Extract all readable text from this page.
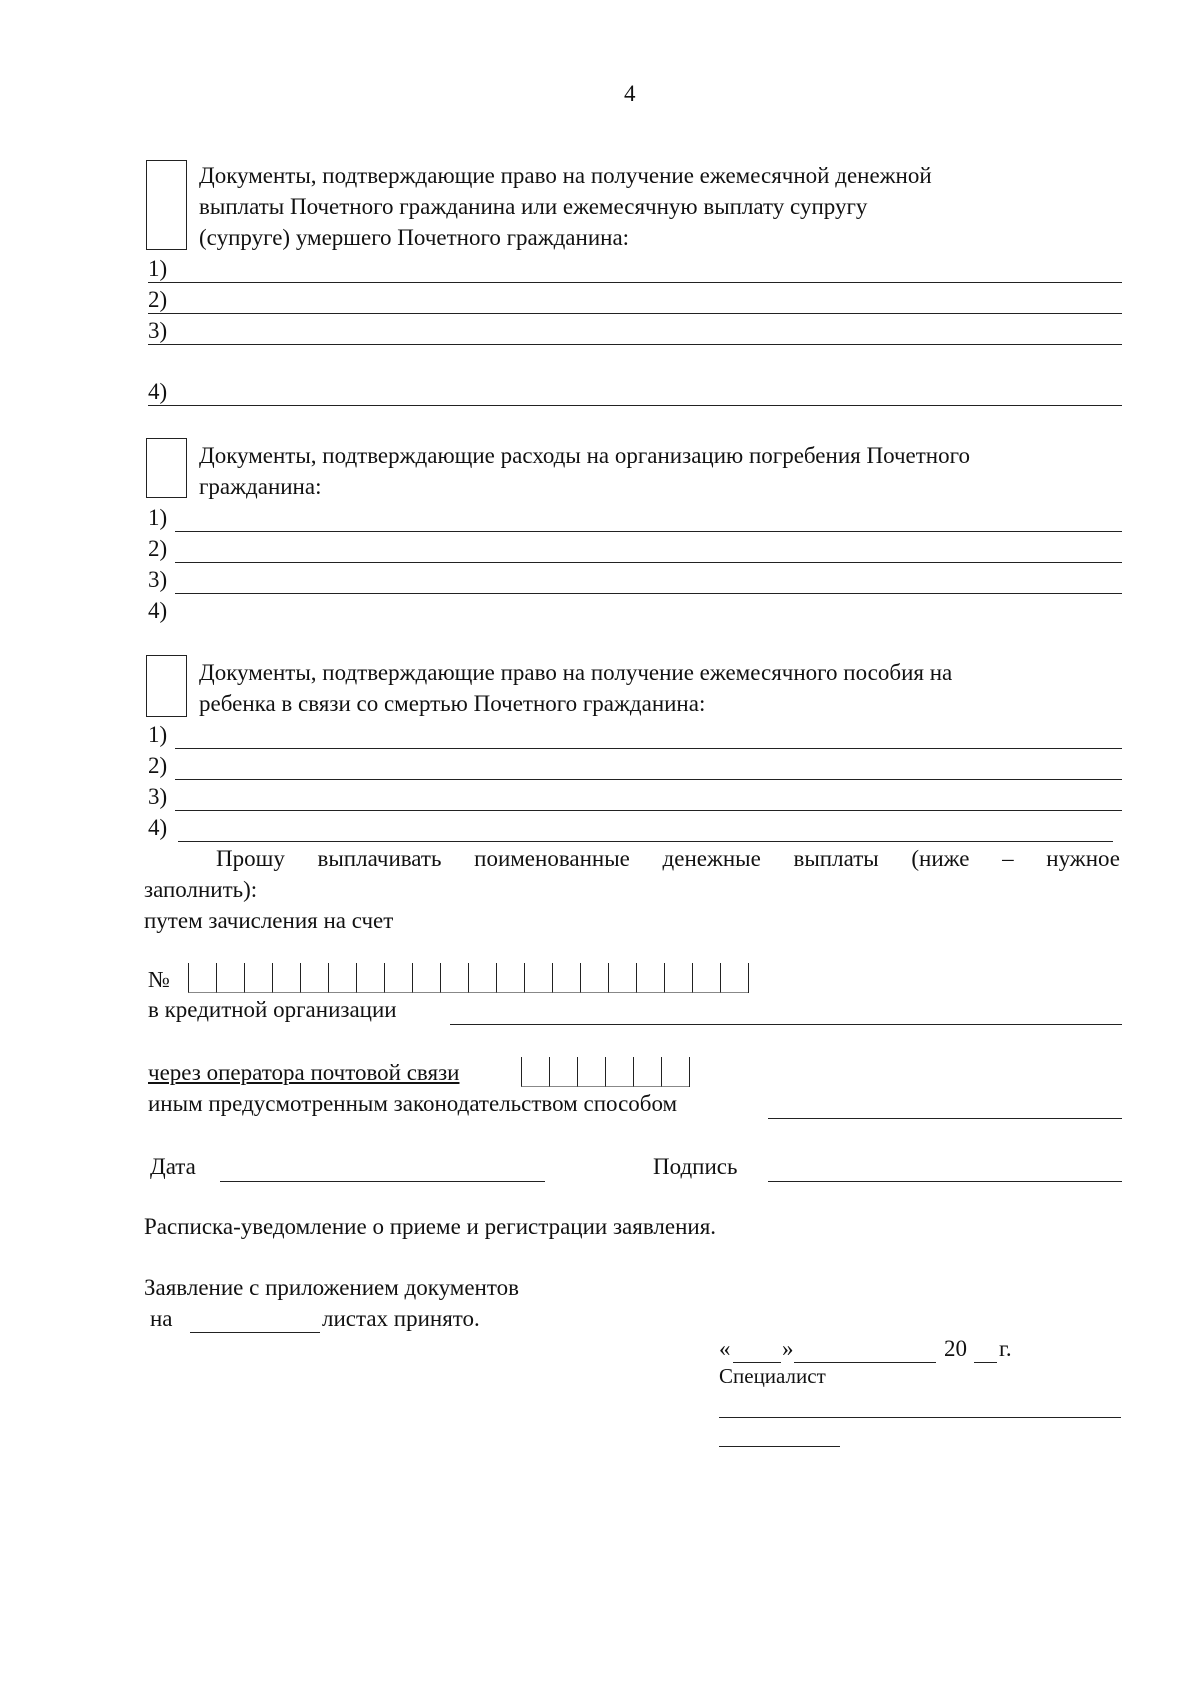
4
Документы, подтверждающие право на получение ежемесячной денежной
выплаты Почетного гражданина или ежемесячную выплату супругу
(супруге) умершего Почетного гражданина:
1)
2)
3)
4)
Документы, подтверждающие расходы на организацию погребения Почетного
гражданина:
1)
2)
3)
4)
Документы, подтверждающие право на получение ежемесячного пособия на
ребенка в связи со смертью Почетного гражданина:
1)
2)
3)
4)
Прошу выплачивать поименованные денежные выплаты (ниже – нужное
заполнить):
путем зачисления на счет
№
в кредитной организации
через оператора почтовой связи
иным предусмотренным законодательством способом
Дата	Подпись
Расписка-уведомление о приеме и регистрации заявления.
Заявление с приложением документов
на	листах принято.
« »	20 г.
Специалист
